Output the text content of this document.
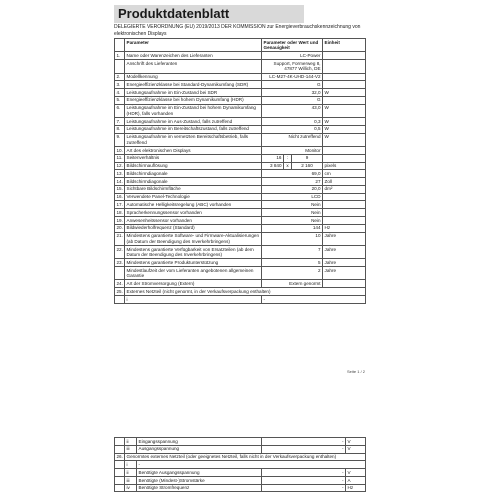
Produktdatenblatt
DELEGIERTE VERORDNUNG (EU) 2019/2013 DER KOMMISSION zur Energieverbrauchskennzeichnung von elektronischen Displays
	Parameter	Parameter oder Wert und Genauigkeit			Einheit
1.	Name oder Warenzeichen des Lieferanten	LC-Power			
	Anschrift des Lieferanten	Support, Formerweg 8, 47877 Willich, DE			
2.	Modellkennung	LC-M27-4K-UHD-144-V2			
3.	Energieeffizienzklasse bei Standard-Dynamikumfang (SDR)	G			
4.	Leistungsaufnahme im Ein-Zustand bei SDR	32,0			W
5.	Energieeffizienzklasse bei hohem Dynamikumfang (HDR)	G			
6.	Leistungsaufnahme im Ein-Zustand bei hohem Dynamikumfang (HDR), falls vorhanden	43,0			W
7.	Leistungsaufnahme im Aus-Zustand, falls zutreffend	0,3			W
8.	Leistungsaufnahme im Bereitschaftszustand, falls zutreffend	0,5			W
9.	Leistungsaufnahme im vernetzten Bereitschaftsbetrieb, falls zutreffend	Nicht zutreffend			W
10.	Art des elektronischen Displays	Monitor			
11.	Seitenverhältnis	16	:	9	
12.	Bildschirmauflösung	3 840	x	2 160	pixels
13.	Bildschirmdiagonale	69,0			cm
14.	Bildschirmdiagonale	27			Zoll
15.	Sichtbare Bildschirmfläche	20,0			dm²
16.	Verwendete Panel-Technologie	LCD			
17.	Automatische Helligkeitsregelung (ABC) vorhanden	Nein			
18.	Spracherkennungssensor vorhanden	Nein			
19.	Anwesenheitssensor vorhanden	Nein			
20.	Bildwiederholfrequenz (Standard)	144			Hz
21.	Mindestens garantierte Software- und Firmware-Aktualisierungen (ab Datum der Beendigung des Inverkehrbringens)	10			Jahre
22.	Mindestens garantierte Verfügbarkeit von Ersatzteilen (ab dem Datum der Beendigung des Inverkehrbringens)	7			Jahre
23.	Mindestens garantierte Produktunterstützung	5			Jahre
	Mindestlaufzeit der vom Lieferanten angebotenen allgemeinen Garantie	2			Jahre
24.	Art der Stromversorgung (Extern)	Extern genormt			
25.	Externes Netzteil (nicht genormt, in der Verkaufsverpackung enthalten)				
	i	-			
Seite 1 / 2
	ii	Eingangsspannung	-	V
	iii	Ausgangsspannung	-	V
26.	Genormtes externes Netzteil (oder geeignetes Netzteil, falls nicht in der Verkaufsverpackung enthalten)			
	i	-		
	ii	Benötigte Ausgangsspannung	-	V
	iii	Benötigte (Mindest-)Stromstärke	-	A
	iv	Benötigte Stromfrequenz	-	Hz
